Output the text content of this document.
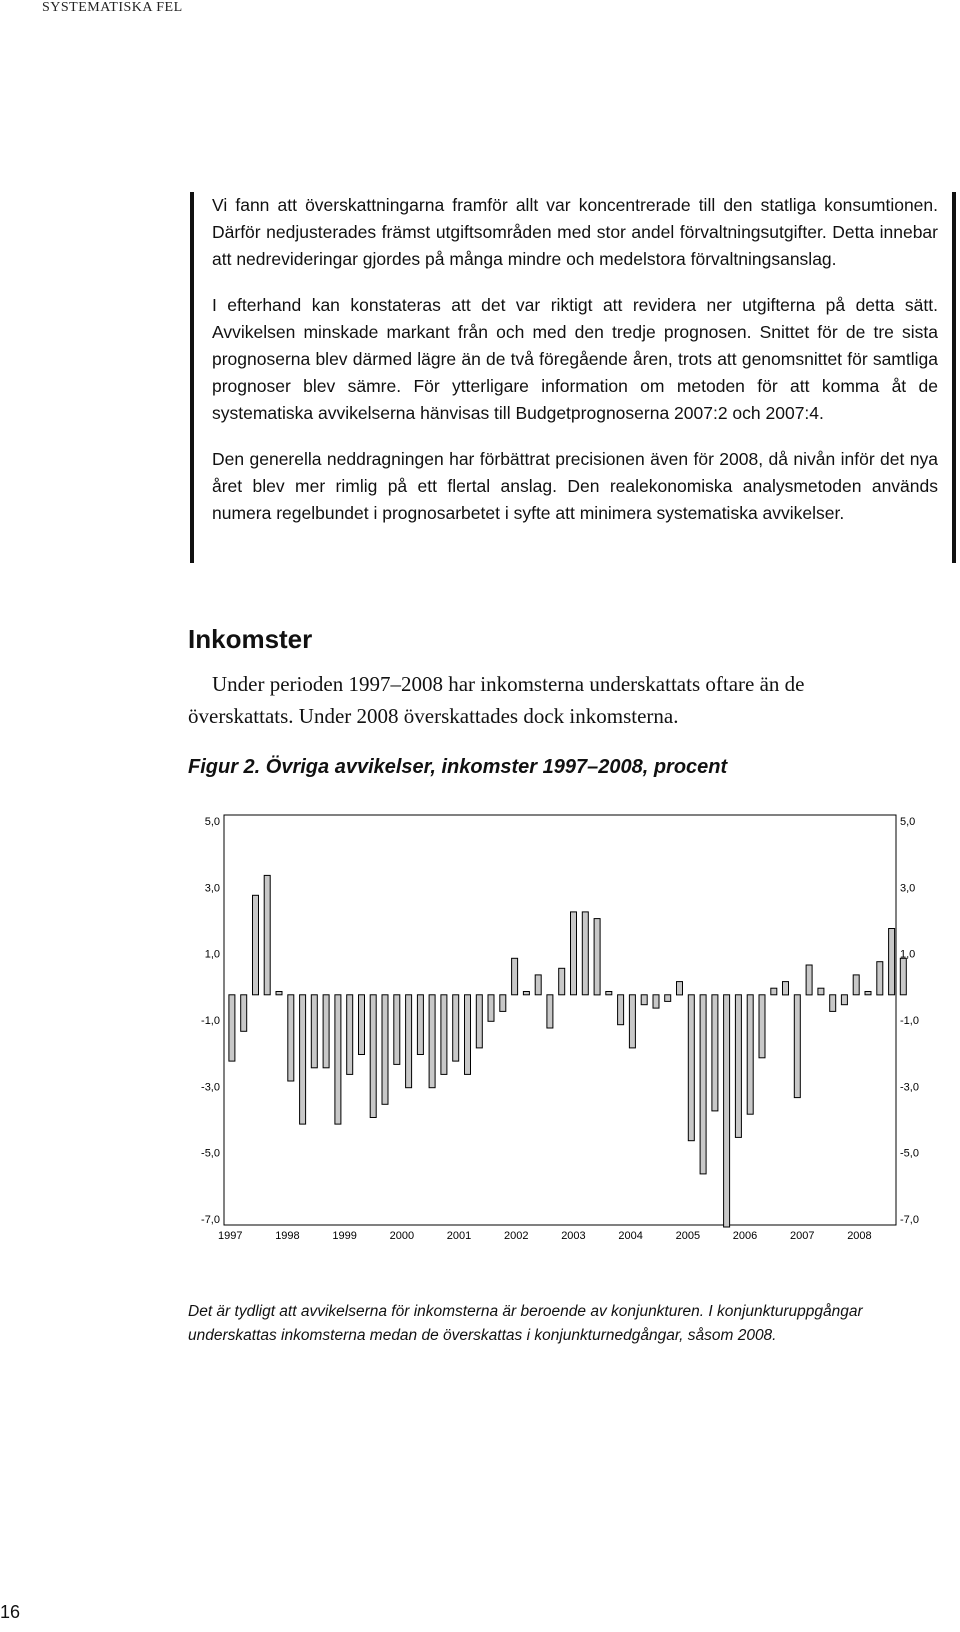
SYSTEMATISKA FEL

Vi fann att överskattningarna framför allt var koncentrerade till den statliga konsumtionen. Därför nedjusterades främst utgiftsområden med stor andel förvaltningsutgifter. Detta innebar att nedrevideringar gjordes på många mindre och medelstora förvaltningsanslag.

I efterhand kan konstateras att det var riktigt att revidera ner utgifterna på detta sätt. Avvikelsen minskade markant från och med den tredje prognosen. Snittet för de tre sista prognoserna blev därmed lägre än de två föregående åren, trots att genomsnittet för samtliga prognoser blev sämre. För ytterligare information om metoden för att komma åt de systematiska avvikelserna hänvisas till Budgetprognoserna 2007:2 och 2007:4.

Den generella neddragningen har förbättrat precisionen även för 2008, då nivån inför det nya året blev mer rimlig på ett flertal anslag. Den realekonomiska analysmetoden används numera regelbundet i prognosarbetet i syfte att minimera systematiska avvikelser.

Inkomster

Under perioden 1997–2008 har inkomsterna underskattats oftare än de överskattats. Under 2008 överskattades dock inkomsterna.

Figur 2. Övriga avvikelser, inkomster 1997–2008, procent

5,0	5,0
3,0	3,0
1,0	1,0
-1,0	-1,0
-3,0	-3,0
-5,0	-5,0
-7,0	-7,0
1997	1998	1999	2000	2001	2002	2003	2004	2005	2006	2007	2008

Det är tydligt att avvikelserna för inkomsterna är beroende av konjunkturen. I konjunkturuppgångar underskattas inkomsterna medan de överskattas i konjunkturnedgångar, såsom 2008.

16
